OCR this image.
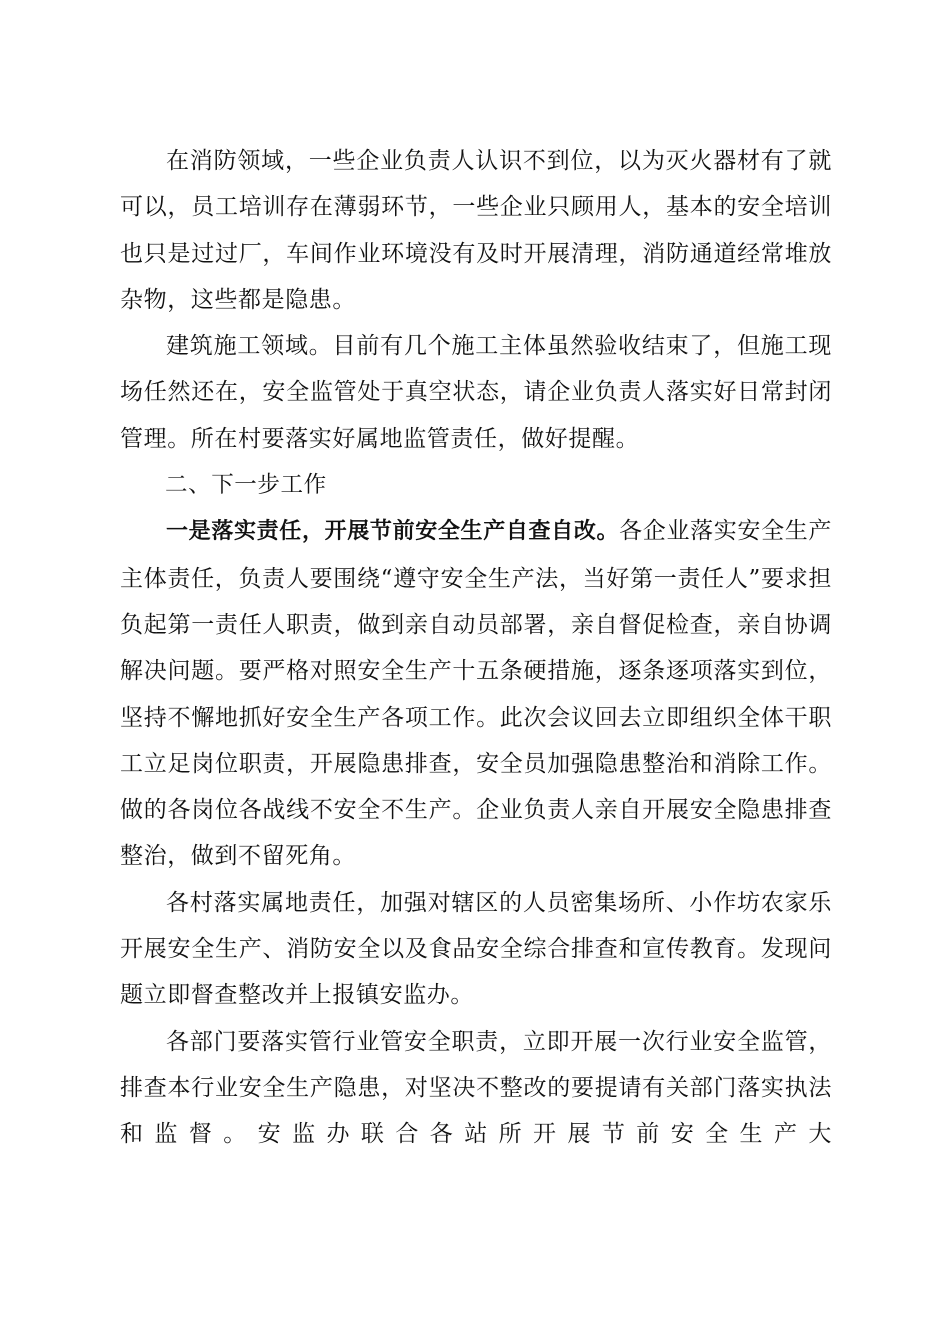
在消防领域，一些企业负责人认识不到位，以为灭火器材有了就可以，员工培训存在薄弱环节，一些企业只顾用人，基本的安全培训也只是过过厂，车间作业环境没有及时开展清理，消防通道经常堆放杂物，这些都是隐患。

建筑施工领域。目前有几个施工主体虽然验收结束了，但施工现场任然还在，安全监管处于真空状态，请企业负责人落实好日常封闭管理。所在村要落实好属地监管责任，做好提醒。

二、下一步工作

一是落实责任，开展节前安全生产自查自改。各企业落实安全生产主体责任，负责人要围绕“遵守安全生产法，当好第一责任人”要求担负起第一责任人职责，做到亲自动员部署，亲自督促检查，亲自协调解决问题。要严格对照安全生产十五条硬措施，逐条逐项落实到位，坚持不懈地抓好安全生产各项工作。此次会议回去立即组织全体干职工立足岗位职责，开展隐患排查，安全员加强隐患整治和消除工作。做的各岗位各战线不安全不生产。企业负责人亲自开展安全隐患排查整治，做到不留死角。

各村落实属地责任，加强对辖区的人员密集场所、小作坊农家乐开展安全生产、消防安全以及食品安全综合排查和宣传教育。发现问题立即督查整改并上报镇安监办。

各部门要落实管行业管安全职责，立即开展一次行业安全监管，排查本行业安全生产隐患，对坚决不整改的要提请有关部门落实执法和监督。安监办联合各站所开展节前安全生产大
